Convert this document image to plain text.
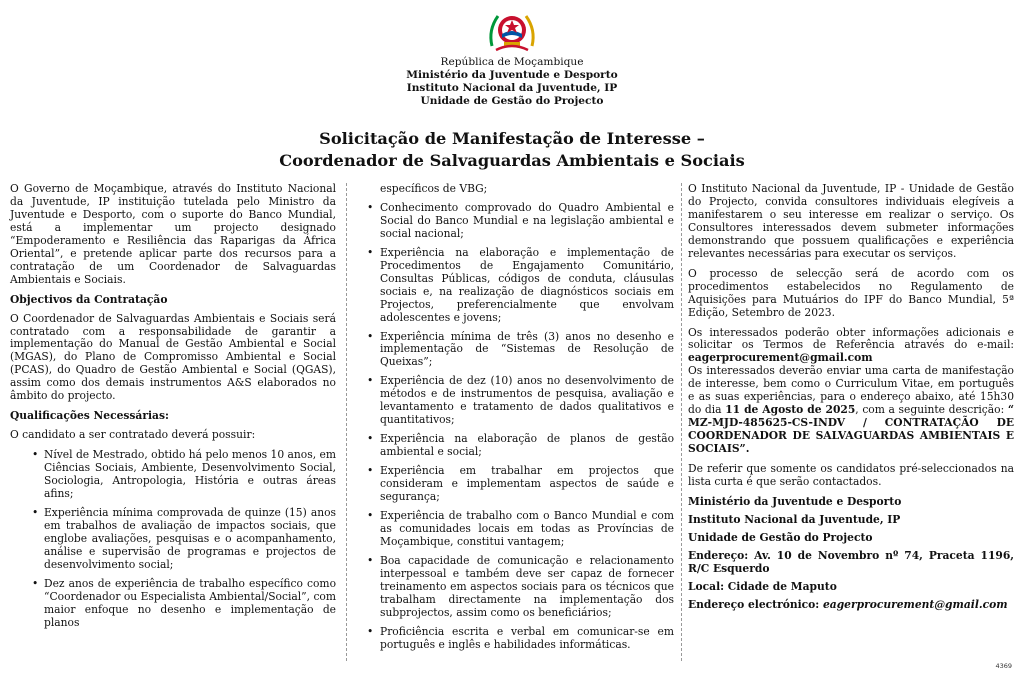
República de Moçambique
Ministério da Juventude e Desporto
Instituto Nacional da Juventude, IP
Unidade de Gestão do Projecto
Solicitação de Manifestação de Interesse –
Coordenador de Salvaguardas Ambientais e Sociais

O Governo de Moçambique, através do Instituto Nacional da Juventude, IP instituição tutelada pelo Ministro da Juventude e Desporto, com o suporte do Banco Mundial, está a implementar um projecto designado “Empoderamento e Resiliência das Raparigas da África Oriental”, e pretende aplicar parte dos recursos para a contratação de um Coordenador de Salvaguardas Ambientais e Sociais.

Objectivos da Contratação

O Coordenador de Salvaguardas Ambientais e Sociais será contratado com a responsabilidade de garantir a implementação do Manual de Gestão Ambiental e Social (MGAS), do Plano de Compromisso Ambiental e Social (PCAS), do Quadro de Gestão Ambiental e Social (QGAS), assim como dos demais instrumentos A&S elaborados no âmbito do projecto.

Qualificações Necessárias:

O candidato a ser contratado deverá possuir:

• Nível de Mestrado, obtido há pelo menos 10 anos, em Ciências Sociais, Ambiente, Desenvolvimento Social, Sociologia, Antropologia, História e outras áreas afins;
• Experiência mínima comprovada de quinze (15) anos em trabalhos de avaliação de impactos sociais, que englobe avaliações, pesquisas e o acompanhamento, análise e supervisão de programas e projectos de desenvolvimento social;
• Dez anos de experiência de trabalho específico como “Coordenador ou Especialista Ambiental/Social”, com maior enfoque no desenho e implementação de planos

específicos de VBG;

• Conhecimento comprovado do Quadro Ambiental e Social do Banco Mundial e na legislação ambiental e social nacional;
• Experiência na elaboração e implementação de Procedimentos de Engajamento Comunitário, Consultas Públicas, códigos de conduta, cláusulas sociais e, na realização de diagnósticos sociais em Projectos, preferencialmente que envolvam adolescentes e jovens;
• Experiência mínima de três (3) anos no desenho e implementação de “Sistemas de Resolução de Queixas”;
• Experiência de dez (10) anos no desenvolvimento de métodos e de instrumentos de pesquisa, avaliação e levantamento e tratamento de dados qualitativos e quantitativos;
• Experiência na elaboração de planos de gestão ambiental e social;
• Experiência em trabalhar em projectos que consideram e implementam aspectos de saúde e segurança;
• Experiência de trabalho com o Banco Mundial e com as comunidades locais em todas as Províncias de Moçambique, constitui vantagem;
• Boa capacidade de comunicação e relacionamento interpessoal e também deve ser capaz de fornecer treinamento em aspectos sociais para os técnicos que trabalham directamente na implementação dos subprojectos, assim como os beneficiários;
• Proficiência escrita e verbal em comunicar-se em português e inglês e habilidades informáticas.

O Instituto Nacional da Juventude, IP - Unidade de Gestão do Projecto, convida consultores individuais elegíveis a manifestarem o seu interesse em realizar o serviço. Os Consultores interessados devem submeter informações demonstrando que possuem qualificações e experiência relevantes necessárias para executar os serviços.

O processo de selecção será de acordo com os procedimentos estabelecidos no Regulamento de Aquisições para Mutuários do IPF do Banco Mundial, 5ª Edição, Setembro de 2023.

Os interessados poderão obter informações adicionais e solicitar os Termos de Referência através do e-mail: eagerprocurement@gmail.com

Os interessados deverão enviar uma carta de manifestação de interesse, bem como o Curriculum Vitae, em português e as suas experiências, para o endereço abaixo, até 15h30 do dia 11 de Agosto de 2025, com a seguinte descrição: “ MZ-MJD-485625-CS-INDV / CONTRATAÇÃO DE COORDENADOR DE SALVAGUARDAS AMBIENTAIS E SOCIAIS”.

De referir que somente os candidatos pré-seleccionados na lista curta é que serão contactados.

Ministério da Juventude e Desporto
Instituto Nacional da Juventude, IP
Unidade de Gestão do Projecto
Endereço: Av. 10 de Novembro nº 74, Praceta 1196, R/C Esquerdo
Local: Cidade de Maputo
Endereço electrónico: eagerprocurement@gmail.com
4369
